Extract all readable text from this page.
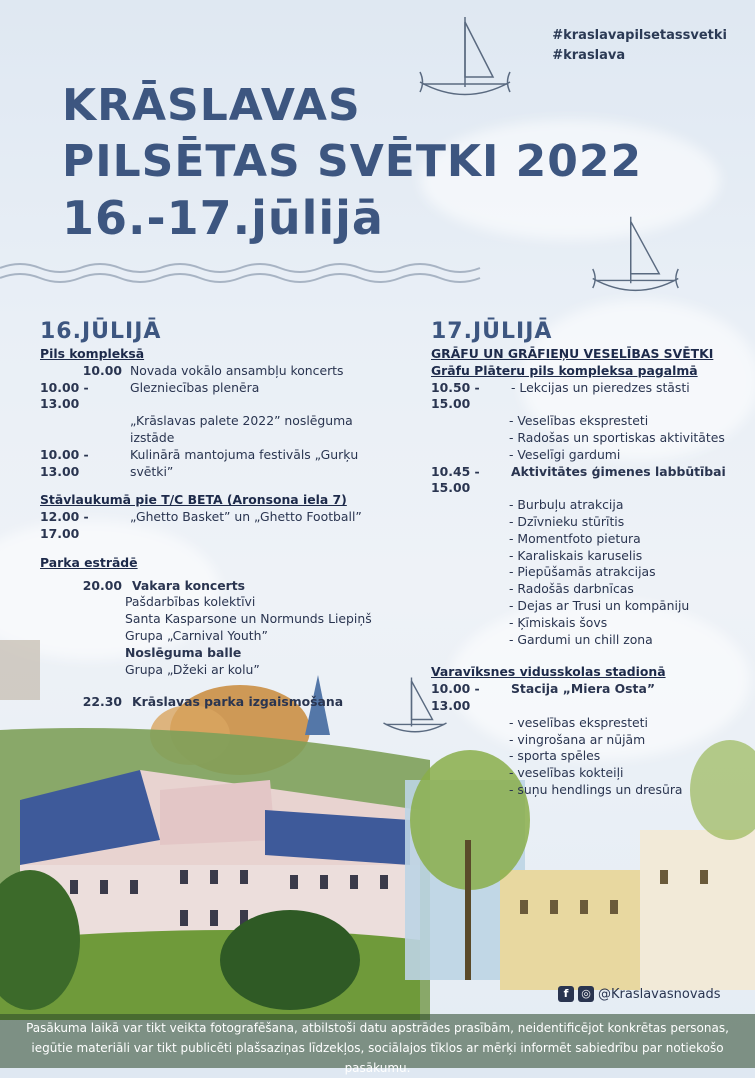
#kraslavapilsetassvetki
#kraslava
KRĀSLAVAS
PILSĒTAS SVĒTKI 2022
16.-17.jūlijā
16.JŪLIJĀ
Pils kompleksā
10.00 Novada vokālo ansambļu koncerts
10.00 - 13.00
Glezniecības plenēra
„Krāslavas palete 2022” noslēguma izstāde
10.00 - 13.00
Kulinārā mantojuma festivāls „Gurķu svētki”
Stāvlaukumā pie T/C BETA (Aronsona iela 7)
12.00 - 17.00
„Ghetto Basket” un „Ghetto Football”
Parka estrādē
20.00 Vakara koncerts
Pašdarbības kolektīvi
Santa Kasparsone un Normunds Liepiņš
Grupa „Carnival Youth”
Noslēguma balle
Grupa „Džeki ar kolu”
22.30 Krāslavas parka izgaismošana
17.JŪLIJĀ
GRĀFU UN GRĀFIEŅU VESELĪBAS SVĒTKI
Grāfu Plāteru pils kompleksa pagalmā
10.50 - 15.00
- Lekcijas un pieredzes stāsti
- Veselības ekspresteti
- Radošas un sportiskas aktivitātes
- Veselīgi gardumi
10.45 - 15.00
Aktivitātes ģimenes labbūtībai
- Burbuļu atrakcija
- Dzīvnieku stūrītis
- Momentfoto pietura
- Karaliskais karuselis
- Piepūšamās atrakcijas
- Radošās darbnīcas
- Dejas ar Trusi un kompāniju
- Ķīmiskais šovs
- Gardumi un chill zona
Varavīksnes vidusskolas stadionā
10.00 - 13.00
Stacija „Miera Osta”
- veselības ekspresteti
- vingrošana ar nūjām
- sporta spēles
- veselības kokteiļi
- suņu hendlings un dresūra
f	◎ @Kraslavasnovads
Pasākuma laikā var tikt veikta fotografēšana, atbilstoši datu apstrādes prasībām, neidentificējot konkrētas personas,
iegūtie materiāli var tikt publicēti plašsaziņas līdzekļos, sociālajos tīklos ar mērķi informēt sabiedrību par notiekošo pasākumu.
